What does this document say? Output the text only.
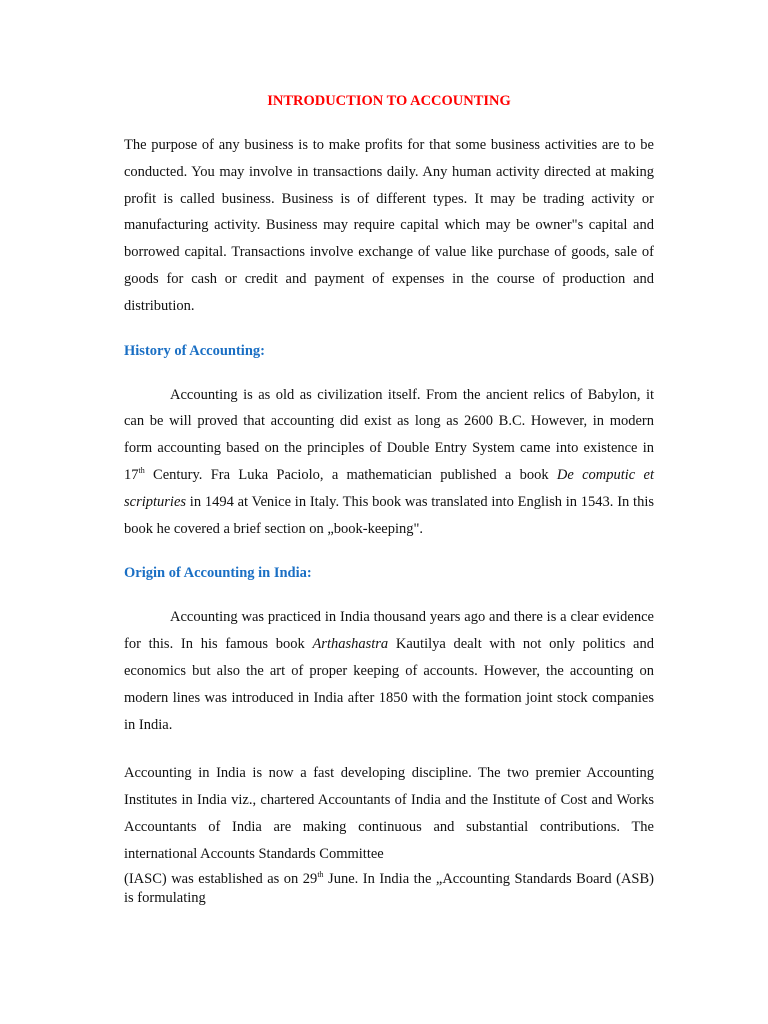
INTRODUCTION TO ACCOUNTING

The purpose of any business is to make profits for that some business activities are to be conducted. You may involve in transactions daily. Any human activity directed at making profit is called business. Business is of different types. It may be trading activity or manufacturing activity. Business may require capital which may be owner"s capital and borrowed capital. Transactions involve exchange of value like purchase of goods, sale of goods for cash or credit and payment of expenses in the course of production and distribution.

History of Accounting:

Accounting is as old as civilization itself. From the ancient relics of Babylon, it can be will proved that accounting did exist as long as 2600 B.C. However, in modern form accounting based on the principles of Double Entry System came into existence in 17th Century. Fra Luka Paciolo, a mathematician published a book De computic et scripturies in 1494 at Venice in Italy. This book was translated into English in 1543. In this book he covered a brief section on „book-keeping".

Origin of Accounting in India:

Accounting was practiced in India thousand years ago and there is a clear evidence for this. In his famous book Arthashastra Kautilya dealt with not only politics and economics but also the art of proper keeping of accounts. However, the accounting on modern lines was introduced in India after 1850 with the formation joint stock companies in India.

Accounting in India is now a fast developing discipline. The two premier Accounting Institutes in India viz., chartered Accountants of India and the Institute of Cost and Works Accountants of India are making continuous and substantial contributions. The international Accounts Standards Committee

(IASC) was established as on 29th June. In India the „Accounting Standards Board (ASB) is formulating
